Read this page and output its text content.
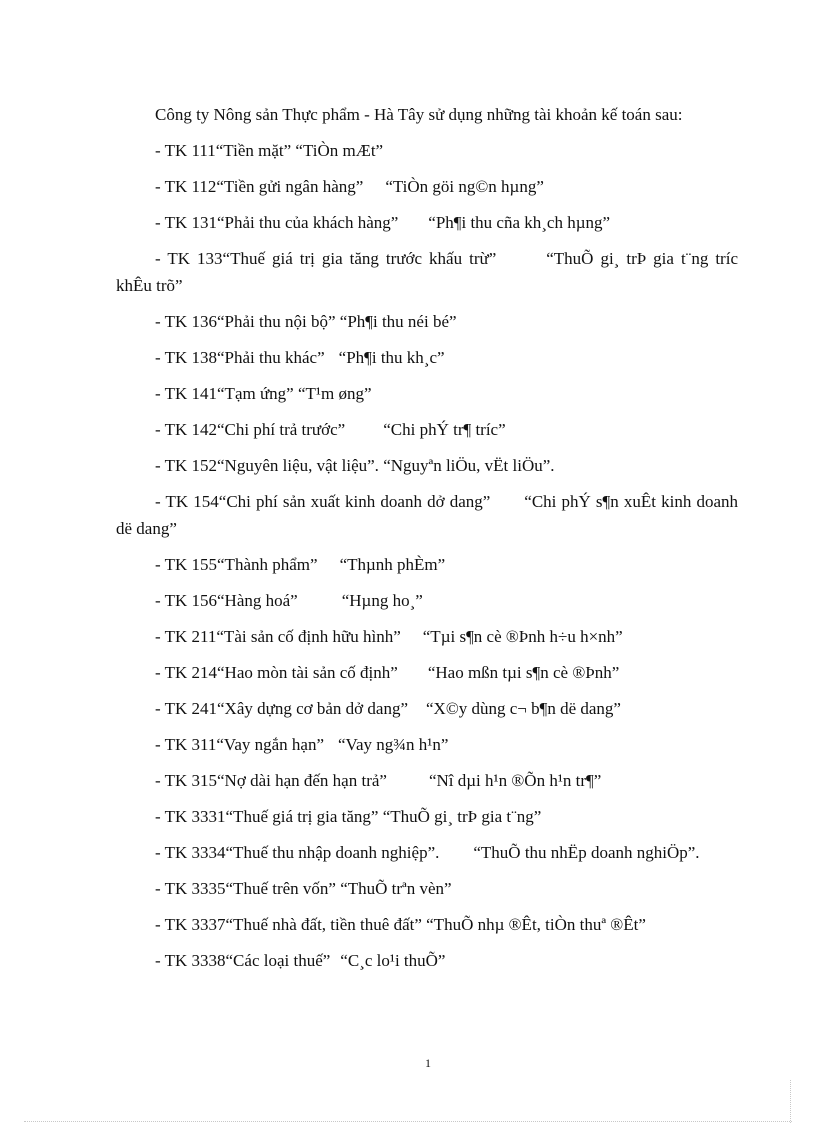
Công ty Nông sản Thực phẩm - Hà Tây sử dụng những tài khoản kế toán sau:

- TK 111“Tiền mặt” “TiÒn mÆt”

- TK 112“Tiền gửi ngân hàng” “TiÒn göi ng©n hµng”

- TK 131“Phải thu của khách hàng” “Ph¶i thu cña kh¸ch hµng”

- TK 133“Thuế giá trị gia tăng trước khấu trừ”	“ThuÕ gi¸ trÞ gia t¨ng tríc khÊu trõ”

- TK 136“Phải thu nội bộ” “Ph¶i thu néi bé”

- TK 138“Phải thu khác” “Ph¶i thu kh¸c”

- TK 141“Tạm ứng” “T¹m øng”

- TK 142“Chi phí trả trước” “Chi phÝ tr¶ tríc”

- TK 152“Nguyên liệu, vật liệu”. “Nguyªn liÖu, vËt liÖu”.

- TK 154“Chi phí sản xuất kinh doanh dở dang” “Chi phÝ s¶n xuÊt kinh doanh dë dang”

- TK 155“Thành phẩm” “Thµnh phÈm”

- TK 156“Hàng hoá”	“Hµng ho¸”

- TK 211“Tài sản cố định hữu hình” “Tµi s¶n cè ®Þnh h÷u h×nh”

- TK 214“Hao mòn tài sản cố định” “Hao mßn tµi s¶n cè ®Þnh”

- TK 241“Xây dựng cơ bản dở dang” “X©y dùng c¬ b¶n dë dang”

- TK 311“Vay ngắn hạn” “Vay ng¾n h¹n”

- TK 315“Nợ dài hạn đến hạn trả” “Nî dµi h¹n ®Õn h¹n tr¶”

- TK 3331“Thuế giá trị gia tăng” “ThuÕ gi¸ trÞ gia t¨ng”

- TK 3334“Thuế thu nhập doanh nghiệp”. “ThuÕ thu nhËp doanh nghiÖp”.

- TK 3335“Thuế trên vốn” “ThuÕ trªn vèn”

- TK 3337“Thuế nhà đất, tiền thuê đất” “ThuÕ nhµ ®Êt, tiÒn thuª ®Êt”

- TK 3338“Các loại thuế” “C¸c lo¹i thuÕ”

1
